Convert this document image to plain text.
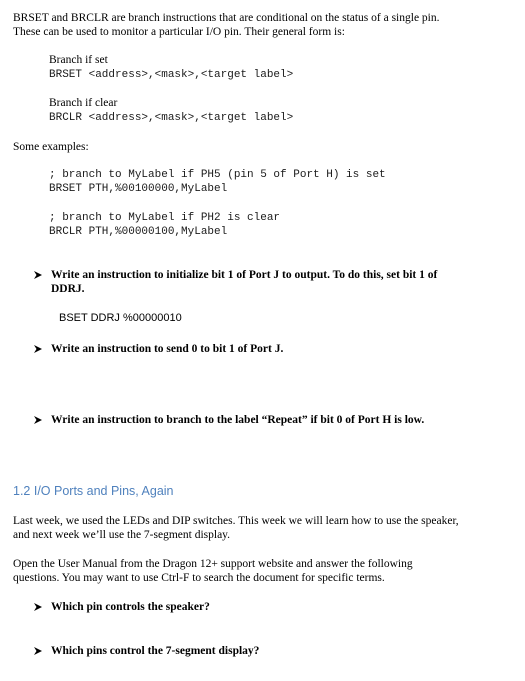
BRSET and BRCLR are branch instructions that are conditional on the status of a single pin.
These can be used to monitor a particular I/O pin. Their general form is:
Branch if set
BRSET <address>,<mask>,<target label>
Branch if clear
BRCLR <address>,<mask>,<target label>
Some examples:
; branch to MyLabel if PH5 (pin 5 of Port H) is set
BRSET PTH,%00100000,MyLabel
; branch to MyLabel if PH2 is clear
BRCLR PTH,%00000100,MyLabel
Write an instruction to initialize bit 1 of Port J to output. To do this, set bit 1 of
DDRJ.
BSET DDRJ %00000010
Write an instruction to send 0 to bit 1 of Port J.
Write an instruction to branch to the label “Repeat” if bit 0 of Port H is low.
1.2 I/O Ports and Pins, Again
Last week, we used the LEDs and DIP switches. This week we will learn how to use the speaker,
and next week we’ll use the 7-segment display.
Open the User Manual from the Dragon 12+ support website and answer the following
questions. You may want to use Ctrl-F to search the document for specific terms.
Which pin controls the speaker?
Which pins control the 7-segment display?
